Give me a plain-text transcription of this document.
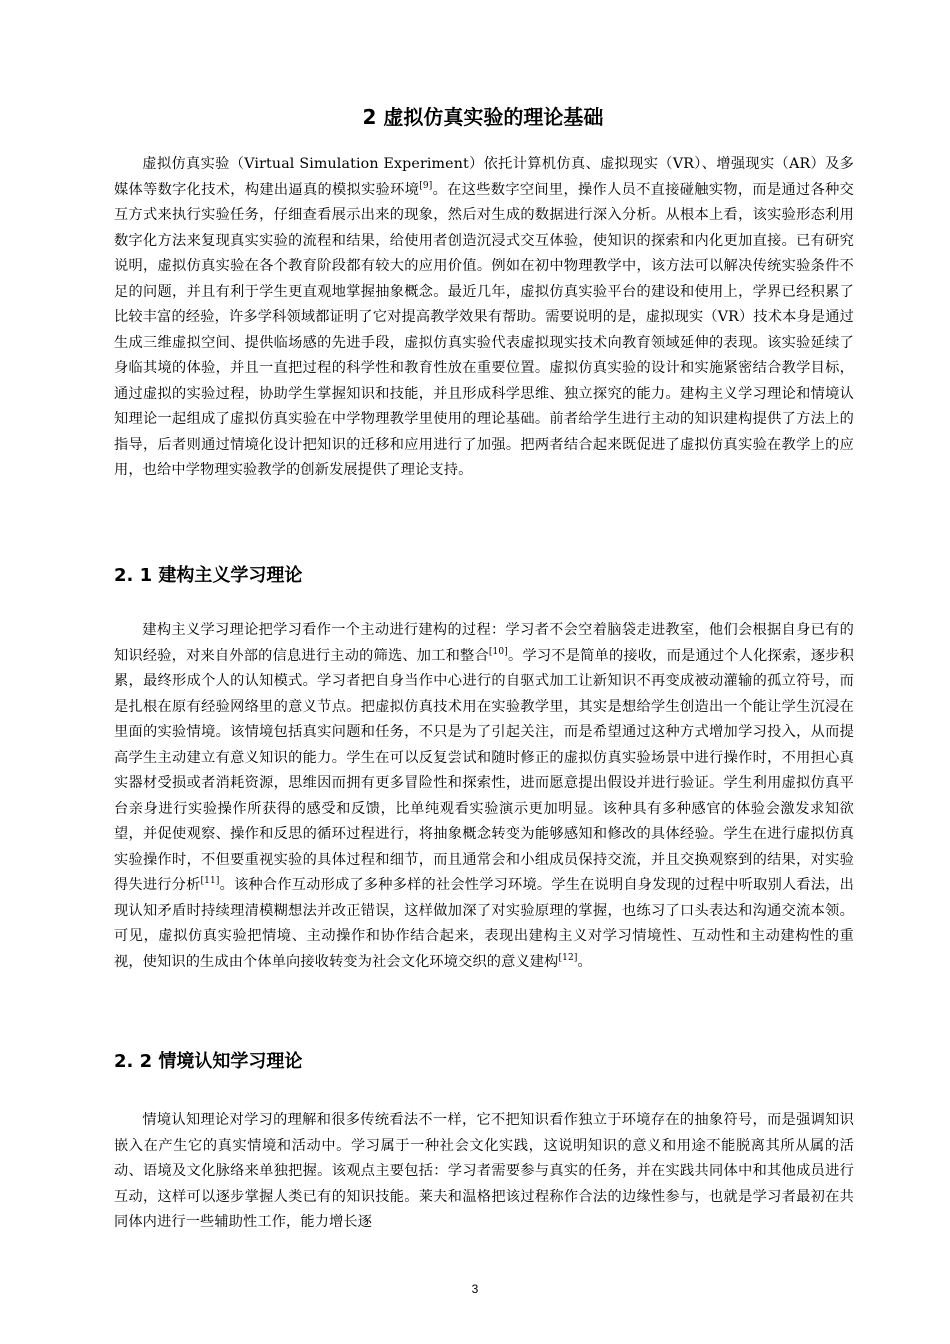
2 虚拟仿真实验的理论基础

虚拟仿真实验（Virtual Simulation Experiment）依托计算机仿真、虚拟现实（VR）、增强现实（AR）及多媒体等数字化技术，构建出逼真的模拟实验环境[9]。在这些数字空间里，操作人员不直接碰触实物，而是通过各种交互方式来执行实验任务，仔细查看展示出来的现象，然后对生成的数据进行深入分析。从根本上看，该实验形态利用数字化方法来复现真实实验的流程和结果，给使用者创造沉浸式交互体验，使知识的探索和内化更加直接。已有研究说明，虚拟仿真实验在各个教育阶段都有较大的应用价值。例如在初中物理教学中，该方法可以解决传统实验条件不足的问题，并且有利于学生更直观地掌握抽象概念。最近几年，虚拟仿真实验平台的建设和使用上，学界已经积累了比较丰富的经验，许多学科领域都证明了它对提高教学效果有帮助。需要说明的是，虚拟现实（VR）技术本身是通过生成三维虚拟空间、提供临场感的先进手段，虚拟仿真实验代表虚拟现实技术向教育领域延伸的表现。该实验延续了身临其境的体验，并且一直把过程的科学性和教育性放在重要位置。虚拟仿真实验的设计和实施紧密结合教学目标，通过虚拟的实验过程，协助学生掌握知识和技能，并且形成科学思维、独立探究的能力。建构主义学习理论和情境认知理论一起组成了虚拟仿真实验在中学物理教学里使用的理论基础。前者给学生进行主动的知识建构提供了方法上的指导，后者则通过情境化设计把知识的迁移和应用进行了加强。把两者结合起来既促进了虚拟仿真实验在教学上的应用，也给中学物理实验教学的创新发展提供了理论支持。

2. 1 建构主义学习理论

建构主义学习理论把学习看作一个主动进行建构的过程：学习者不会空着脑袋走进教室，他们会根据自身已有的知识经验，对来自外部的信息进行主动的筛选、加工和整合[10]。学习不是简单的接收，而是通过个人化探索，逐步积累，最终形成个人的认知模式。学习者把自身当作中心进行的自驱式加工让新知识不再变成被动灌输的孤立符号，而是扎根在原有经验网络里的意义节点。把虚拟仿真技术用在实验教学里，其实是想给学生创造出一个能让学生沉浸在里面的实验情境。该情境包括真实问题和任务，不只是为了引起关注，而是希望通过这种方式增加学习投入，从而提高学生主动建立有意义知识的能力。学生在可以反复尝试和随时修正的虚拟仿真实验场景中进行操作时，不用担心真实器材受损或者消耗资源，思维因而拥有更多冒险性和探索性，进而愿意提出假设并进行验证。学生利用虚拟仿真平台亲身进行实验操作所获得的感受和反馈，比单纯观看实验演示更加明显。该种具有多种感官的体验会激发求知欲望，并促使观察、操作和反思的循环过程进行，将抽象概念转变为能够感知和修改的具体经验。学生在进行虚拟仿真实验操作时，不但要重视实验的具体过程和细节，而且通常会和小组成员保持交流，并且交换观察到的结果，对实验得失进行分析[11]。该种合作互动形成了多种多样的社会性学习环境。学生在说明自身发现的过程中听取别人看法，出现认知矛盾时持续理清模糊想法并改正错误，这样做加深了对实验原理的掌握，也练习了口头表达和沟通交流本领。可见，虚拟仿真实验把情境、主动操作和协作结合起来，表现出建构主义对学习情境性、互动性和主动建构性的重视，使知识的生成由个体单向接收转变为社会文化环境交织的意义建构[12]。

2. 2 情境认知学习理论

情境认知理论对学习的理解和很多传统看法不一样，它不把知识看作独立于环境存在的抽象符号，而是强调知识嵌入在产生它的真实情境和活动中。学习属于一种社会文化实践，这说明知识的意义和用途不能脱离其所从属的活动、语境及文化脉络来单独把握。该观点主要包括：学习者需要参与真实的任务，并在实践共同体中和其他成员进行互动，这样可以逐步掌握人类已有的知识技能。莱夫和温格把该过程称作合法的边缘性参与，也就是学习者最初在共同体内进行一些辅助性工作，能力增长逐

3
